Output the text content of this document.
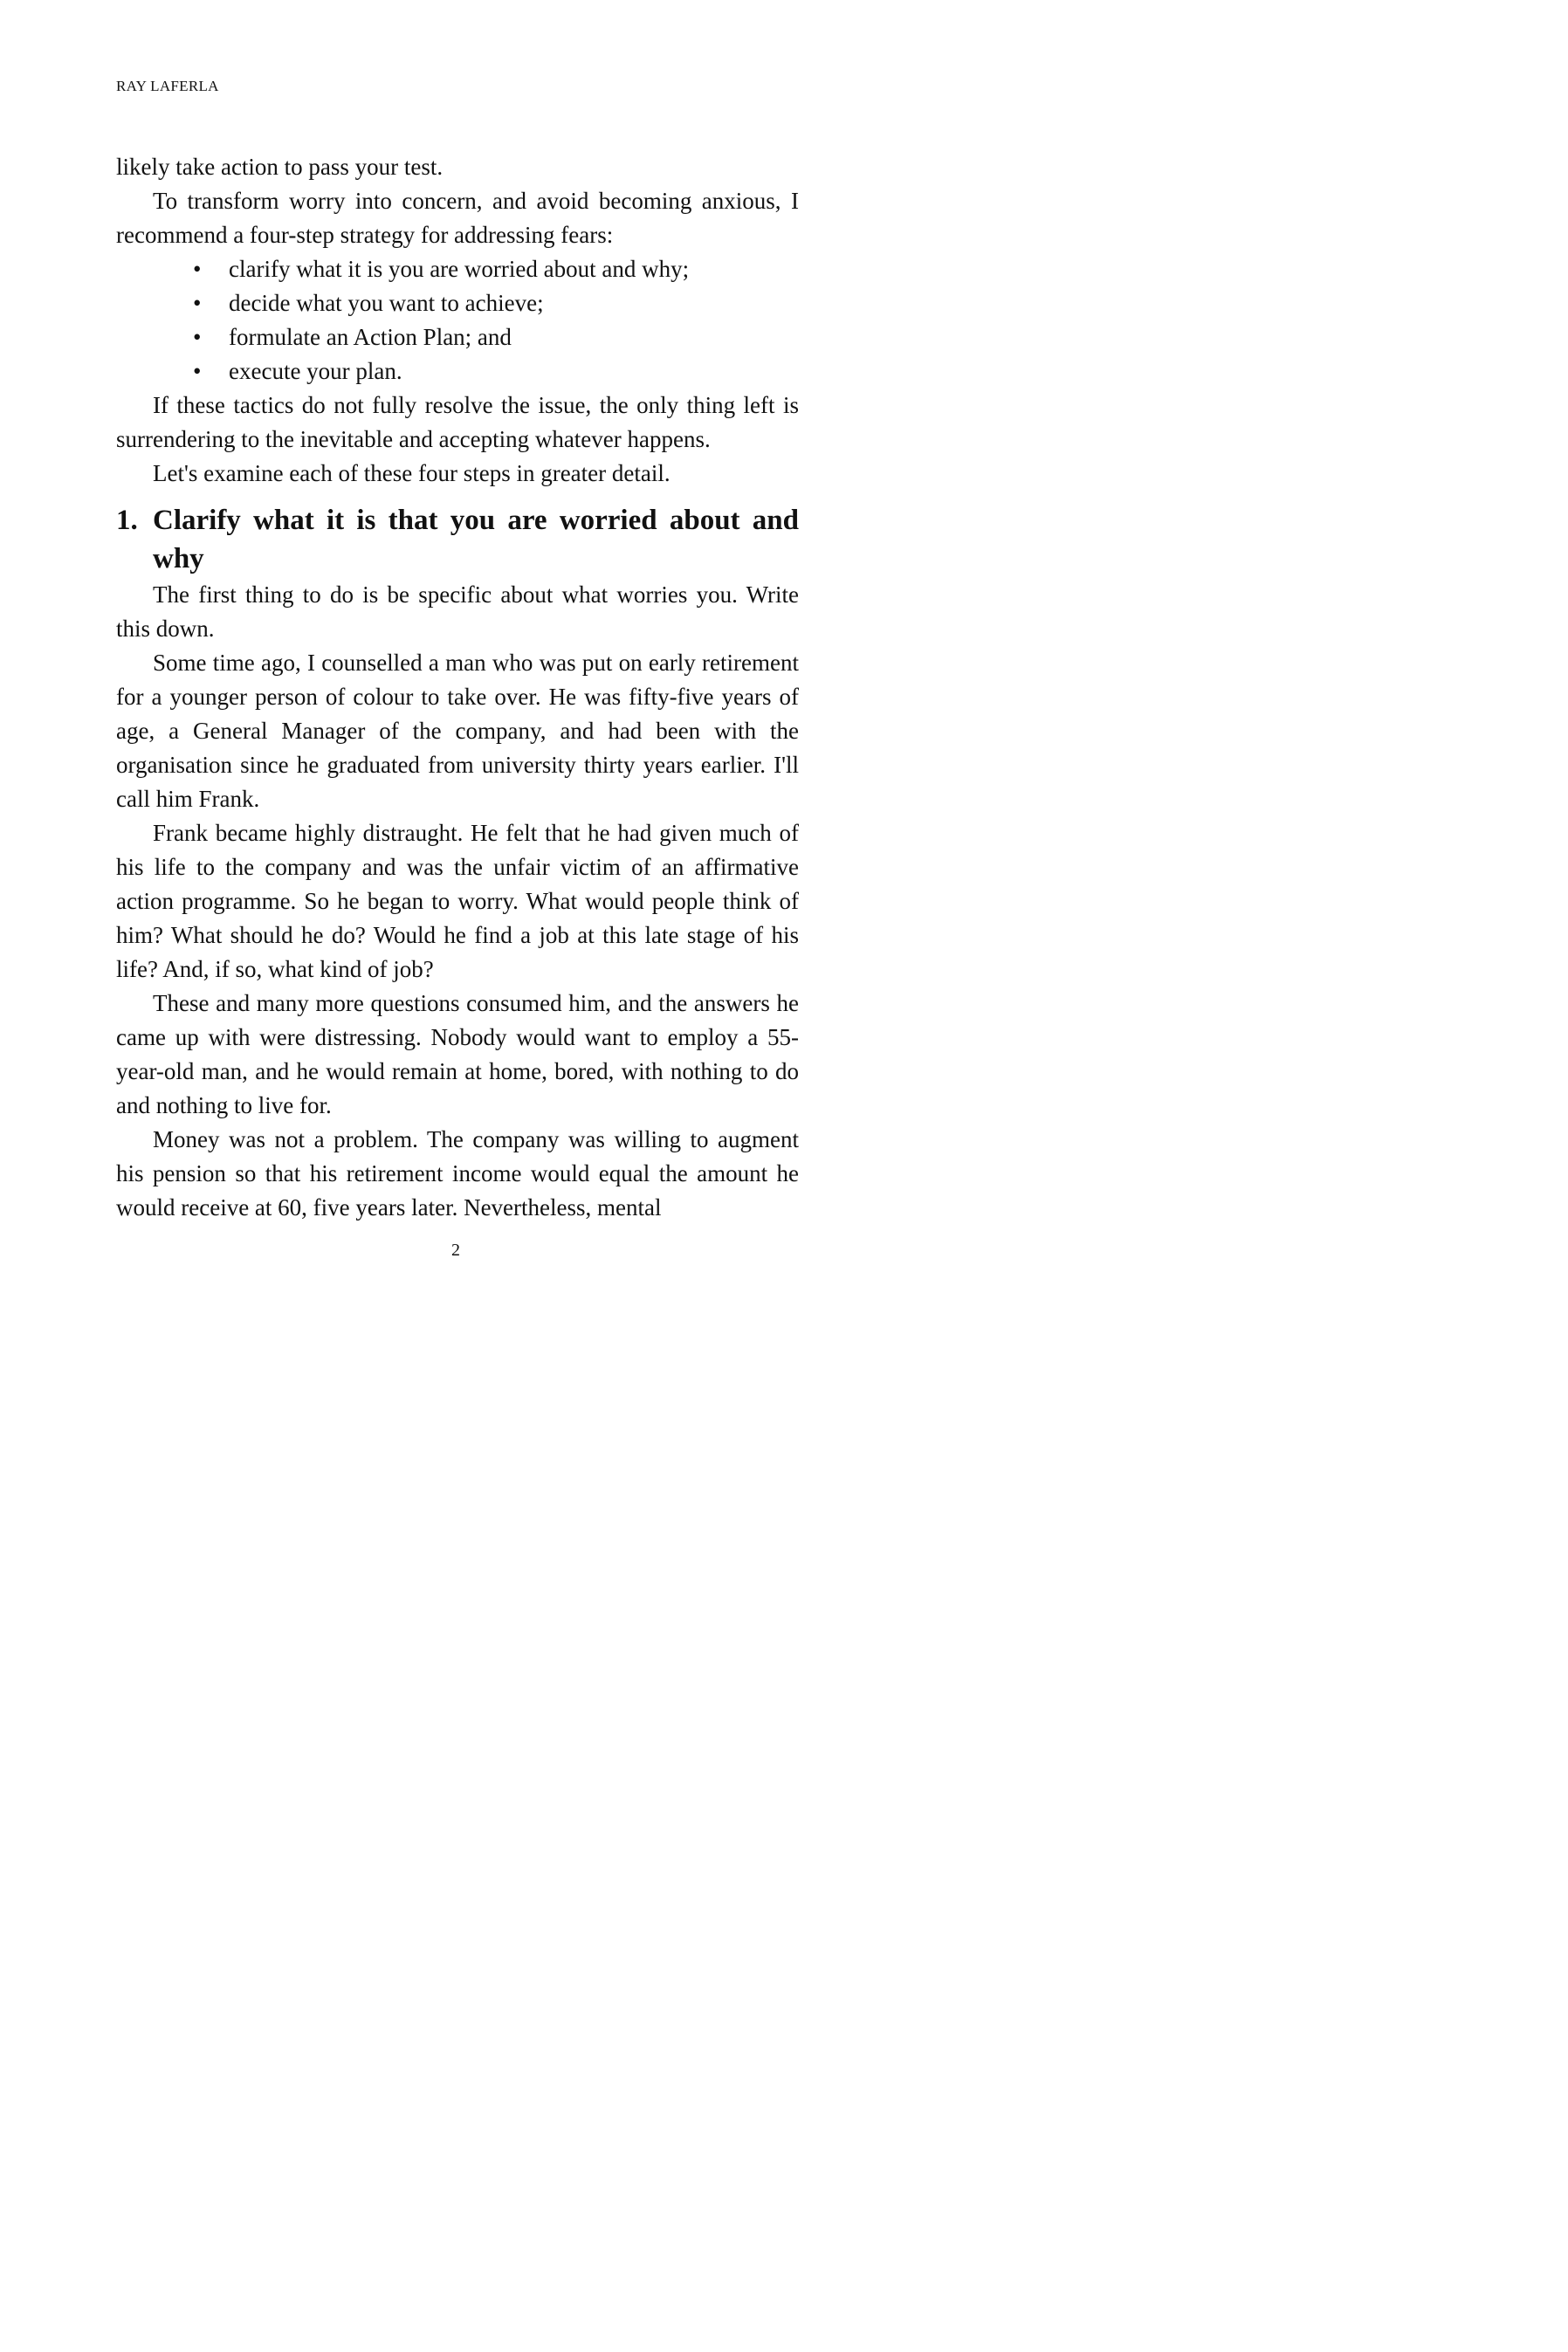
RAY LAFERLA

likely take action to pass your test.

To transform worry into concern, and avoid becoming anxious, I recommend a four-step strategy for addressing fears:

• clarify what it is you are worried about and why;
• decide what you want to achieve;
• formulate an Action Plan; and
• execute your plan.

If these tactics do not fully resolve the issue, the only thing left is surrendering to the inevitable and accepting whatever happens.

Let's examine each of these four steps in greater detail.

1. Clarify what it is that you are worried about and why

The first thing to do is be specific about what worries you. Write this down.

Some time ago, I counselled a man who was put on early retirement for a younger person of colour to take over. He was fifty-five years of age, a General Manager of the company, and had been with the organisation since he graduated from university thirty years earlier. I'll call him Frank.

Frank became highly distraught. He felt that he had given much of his life to the company and was the unfair victim of an affirmative action programme. So he began to worry. What would people think of him? What should he do? Would he find a job at this late stage of his life? And, if so, what kind of job?

These and many more questions consumed him, and the answers he came up with were distressing. Nobody would want to employ a 55-year-old man, and he would remain at home, bored, with nothing to do and nothing to live for.

Money was not a problem. The company was willing to augment his pension so that his retirement income would equal the amount he would receive at 60, five years later. Nevertheless, mental

2
